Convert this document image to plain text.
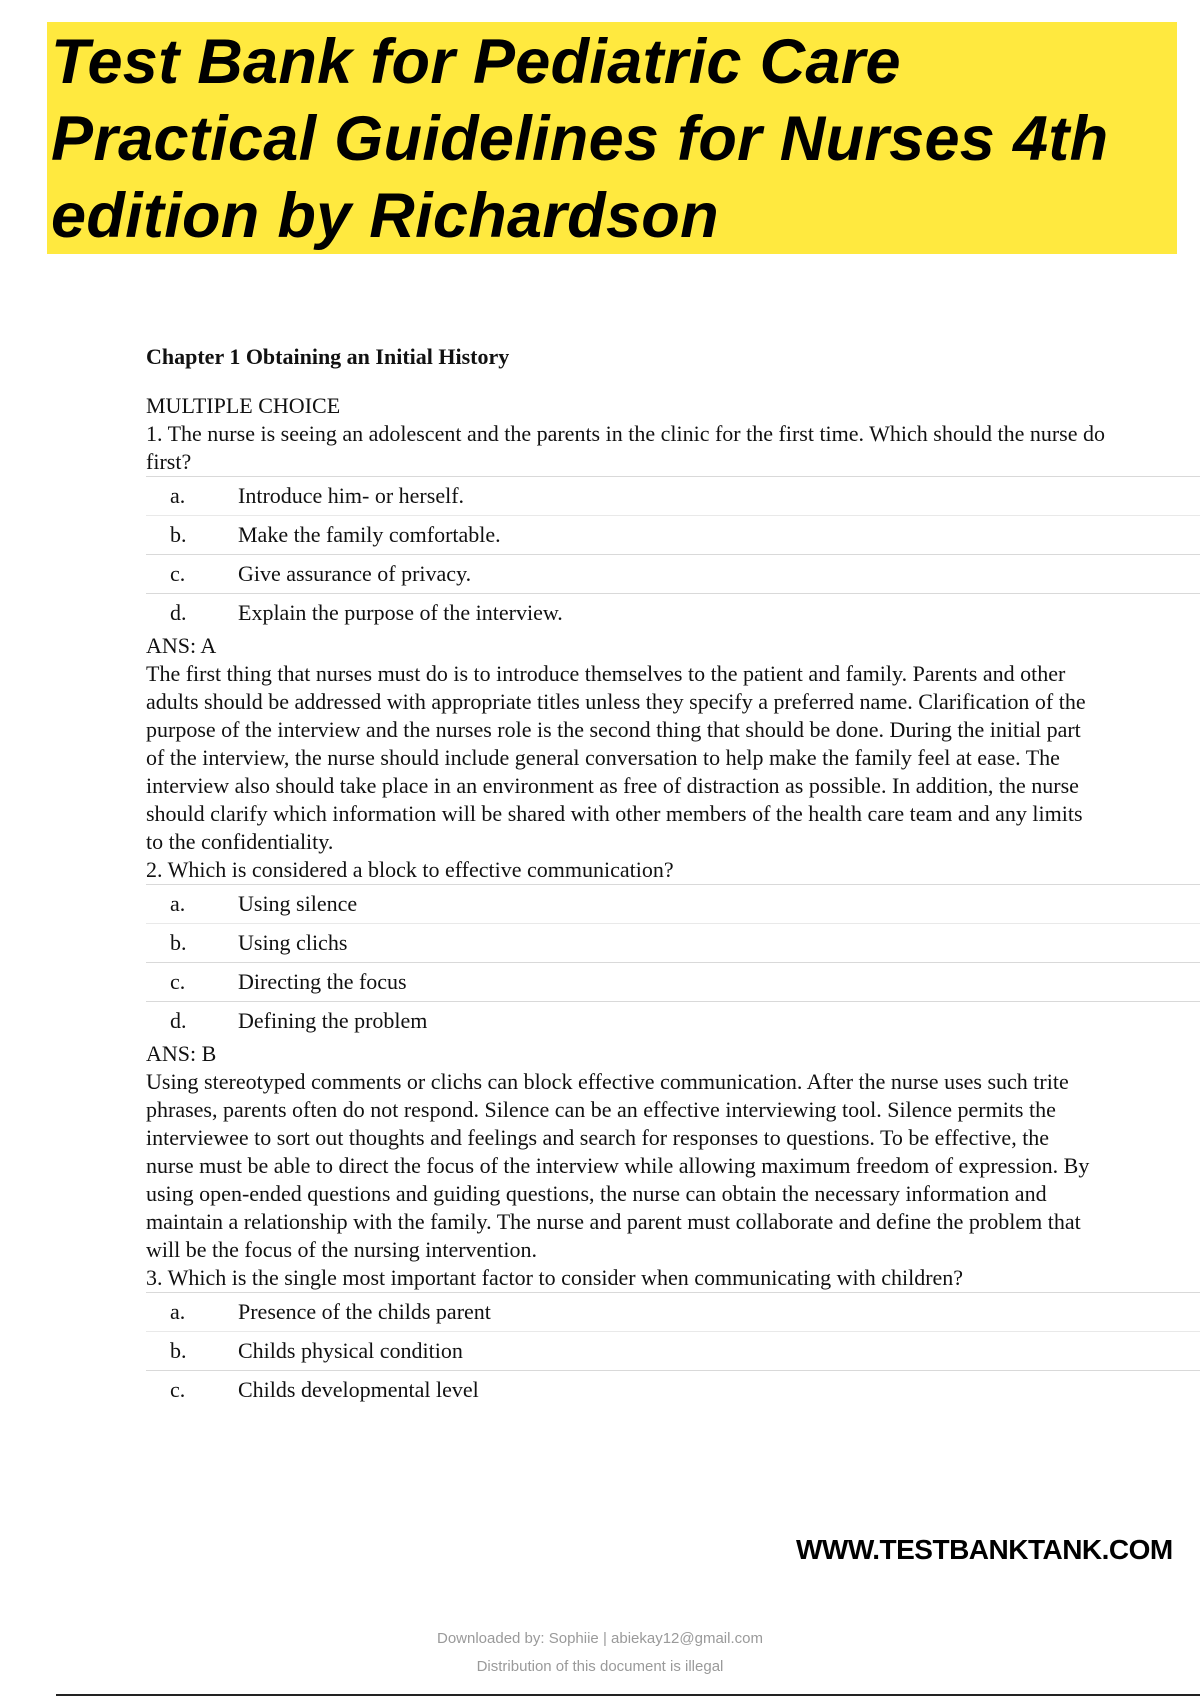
Test Bank for Pediatric Care Practical Guidelines for Nurses 4th edition by Richardson
Chapter 1 Obtaining an Initial History

MULTIPLE CHOICE

1. The nurse is seeing an adolescent and the parents in the clinic for the first time. Which should the nurse do first?

a.	Introduce him- or herself.
b.	Make the family comfortable.
c.	Give assurance of privacy.
d.	Explain the purpose of the interview.

ANS: A

The first thing that nurses must do is to introduce themselves to the patient and family. Parents and other adults should be addressed with appropriate titles unless they specify a preferred name. Clarification of the purpose of the interview and the nurses role is the second thing that should be done. During the initial part of the interview, the nurse should include general conversation to help make the family feel at ease. The interview also should take place in an environment as free of distraction as possible. In addition, the nurse should clarify which information will be shared with other members of the health care team and any limits to the confidentiality.

2. Which is considered a block to effective communication?

a.	Using silence
b.	Using clichs
c.	Directing the focus
d.	Defining the problem

ANS: B

Using stereotyped comments or clichs can block effective communication. After the nurse uses such trite phrases, parents often do not respond. Silence can be an effective interviewing tool. Silence permits the interviewee to sort out thoughts and feelings and search for responses to questions. To be effective, the nurse must be able to direct the focus of the interview while allowing maximum freedom of expression. By using open-ended questions and guiding questions, the nurse can obtain the necessary information and maintain a relationship with the family. The nurse and parent must collaborate and define the problem that will be the focus of the nursing intervention.

3. Which is the single most important factor to consider when communicating with children?

a.	Presence of the childs parent
b.	Childs physical condition
c.	Childs developmental level
WWW.TESTBANKTANK.COM
Downloaded by: Sophiie | abiekay12@gmail.com
Distribution of this document is illegal
